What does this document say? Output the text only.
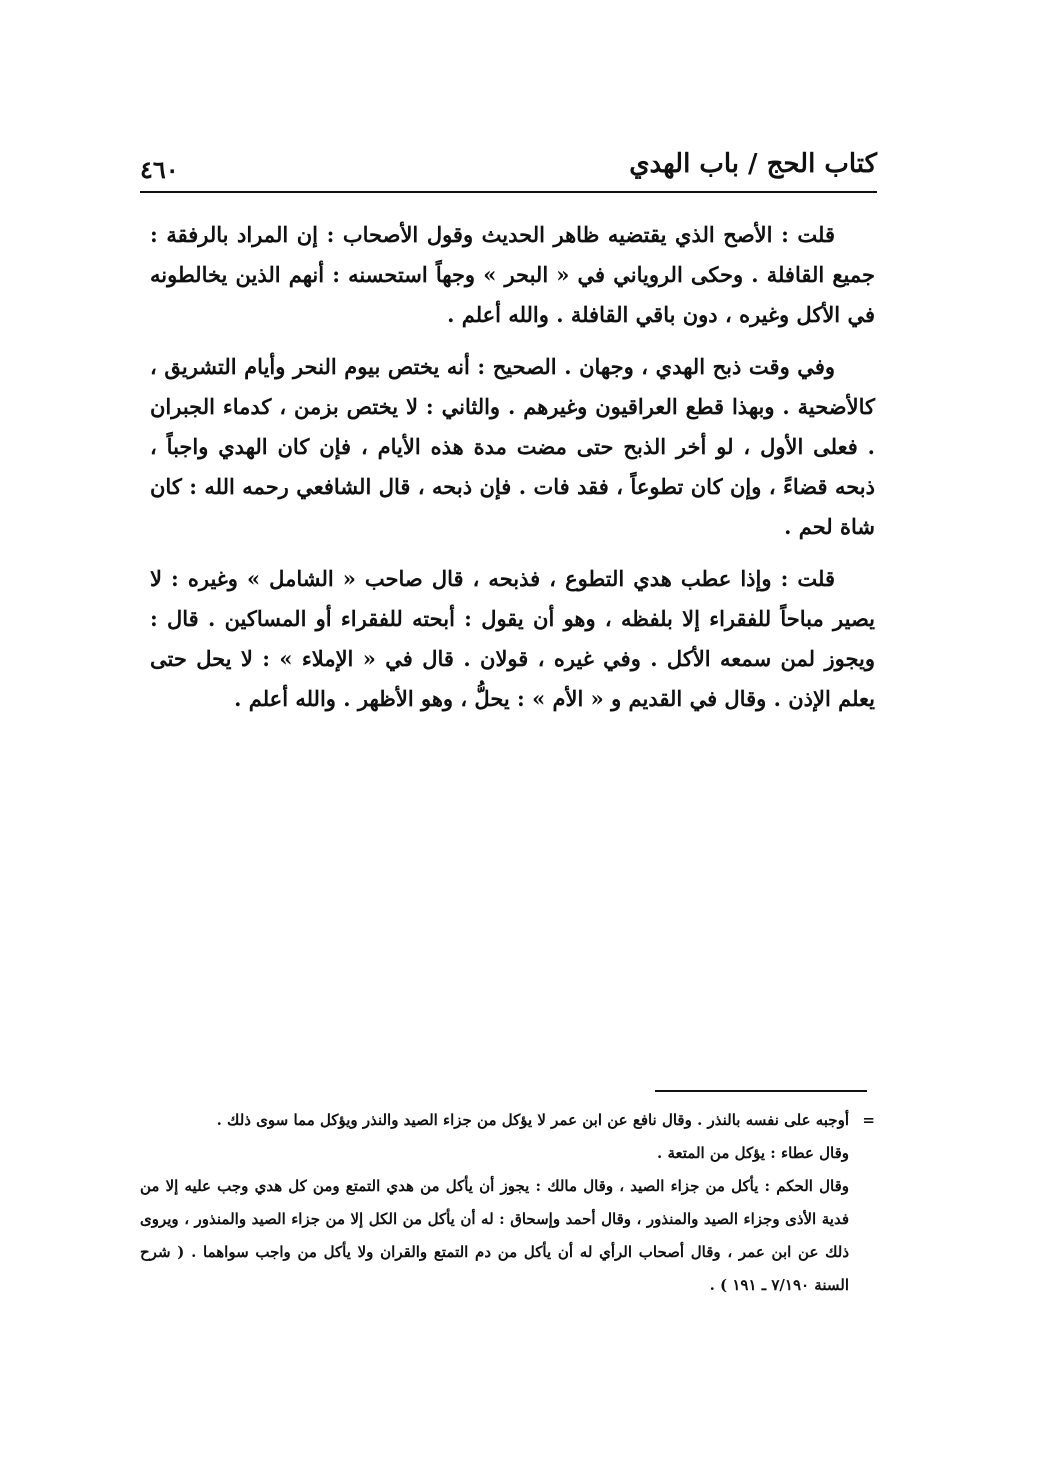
كتاب الحج / باب الهدي
٤٦٠

قلت : الأصح الذي يقتضيه ظاهر الحديث وقول الأصحاب : إن المراد بالرفقة : جميع القافلة . وحكى الروياني في « البحر » وجهاً استحسنه : أنهم الذين يخالطونه في الأكل وغيره ، دون باقي القافلة . والله أعلم .

وفي وقت ذبح الهدي ، وجهان . الصحيح : أنه يختص بيوم النحر وأيام التشريق ، كالأضحية . وبهذا قطع العراقيون وغيرهم . والثاني : لا يختص بزمن ، كدماء الجبران . فعلى الأول ، لو أخر الذبح حتى مضت مدة هذه الأيام ، فإن كان الهدي واجباً ، ذبحه قضاءً ، وإن كان تطوعاً ، فقد فات . فإن ذبحه ، قال الشافعي رحمه الله : كان شاة لحم .

قلت : وإذا عطب هدي التطوع ، فذبحه ، قال صاحب « الشامل » وغيره : لا يصير مباحاً للفقراء إلا بلفظه ، وهو أن يقول : أبحته للفقراء أو المساكين . قال : ويجوز لمن سمعه الأكل . وفي غيره ، قولان . قال في « الإملاء » : لا يحل حتى يعلم الإذن . وقال في القديم و « الأم » : يحلُّ ، وهو الأظهر . والله أعلم .

=
أوجبه على نفسه بالنذر . وقال نافع عن ابن عمر لا يؤكل من جزاء الصيد والنذر ويؤكل مما سوى ذلك .

وقال عطاء : يؤكل من المتعة .

وقال الحكم : يأكل من جزاء الصيد ، وقال مالك : يجوز أن يأكل من هدي التمتع ومن كل هدي وجب عليه إلا من فدية الأذى وجزاء الصيد والمنذور ، وقال أحمد وإسحاق : له أن يأكل من الكل إلا من جزاء الصيد والمنذور ، ويروى ذلك عن ابن عمر ، وقال أصحاب الرأي له أن يأكل من دم التمتع والقران ولا يأكل من واجب سواهما . ( شرح السنة ٧/١٩٠ ـ ١٩١ ) .
